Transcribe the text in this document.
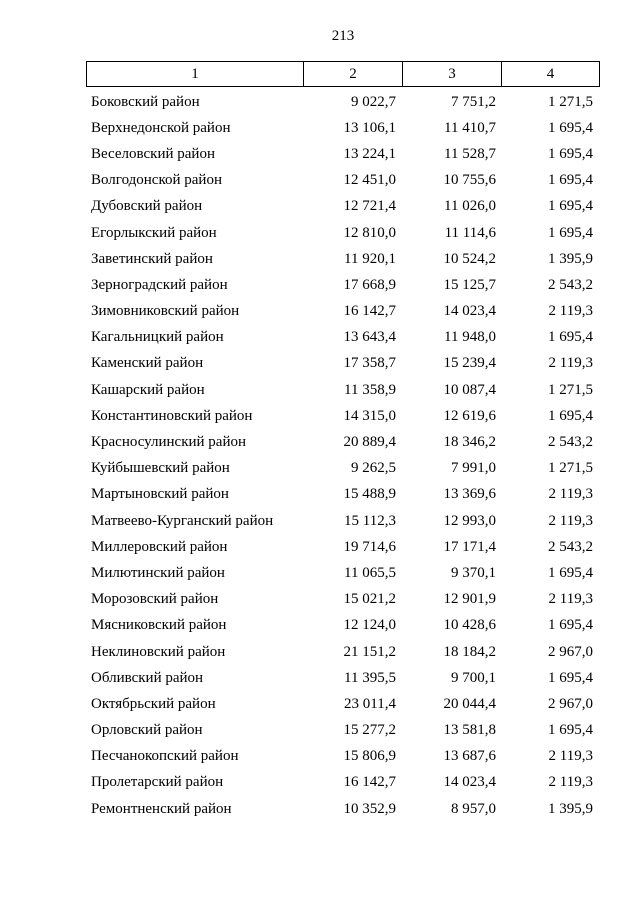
213
1	2	3	4
Боковский район	9 022,7	7 751,2	1 271,5
Верхнедонской район	13 106,1	11 410,7	1 695,4
Веселовский район	13 224,1	11 528,7	1 695,4
Волгодонской район	12 451,0	10 755,6	1 695,4
Дубовский район	12 721,4	11 026,0	1 695,4
Егорлыкский район	12 810,0	11 114,6	1 695,4
Заветинский район	11 920,1	10 524,2	1 395,9
Зерноградский район	17 668,9	15 125,7	2 543,2
Зимовниковский район	16 142,7	14 023,4	2 119,3
Кагальницкий район	13 643,4	11 948,0	1 695,4
Каменский район	17 358,7	15 239,4	2 119,3
Кашарский район	11 358,9	10 087,4	1 271,5
Константиновский район	14 315,0	12 619,6	1 695,4
Красносулинский район	20 889,4	18 346,2	2 543,2
Куйбышевский район	9 262,5	7 991,0	1 271,5
Мартыновский район	15 488,9	13 369,6	2 119,3
Матвеево-Курганский район	15 112,3	12 993,0	2 119,3
Миллеровский район	19 714,6	17 171,4	2 543,2
Милютинский район	11 065,5	9 370,1	1 695,4
Морозовский район	15 021,2	12 901,9	2 119,3
Мясниковский район	12 124,0	10 428,6	1 695,4
Неклиновский район	21 151,2	18 184,2	2 967,0
Обливский район	11 395,5	9 700,1	1 695,4
Октябрьский район	23 011,4	20 044,4	2 967,0
Орловский район	15 277,2	13 581,8	1 695,4
Песчанокопский район	15 806,9	13 687,6	2 119,3
Пролетарский район	16 142,7	14 023,4	2 119,3
Ремонтненский район	10 352,9	8 957,0	1 395,9
